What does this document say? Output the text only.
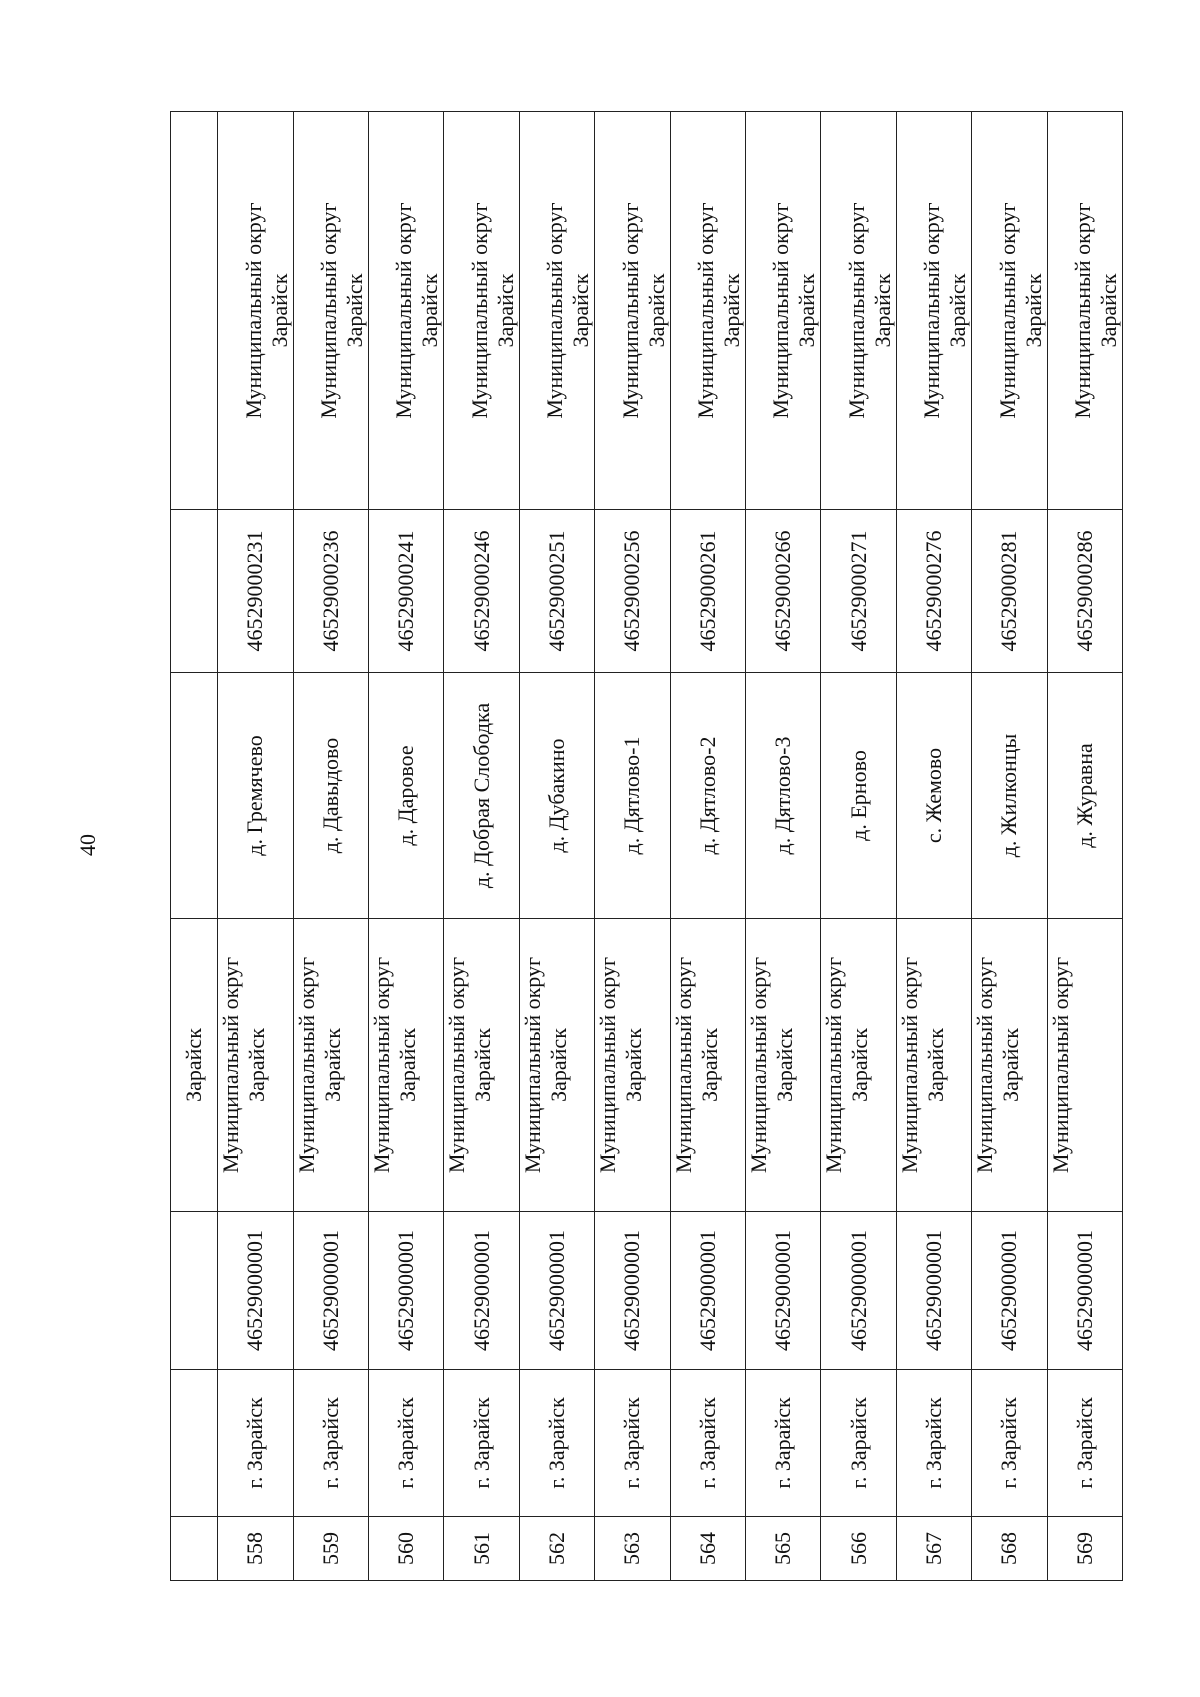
40
			Зарайск			
558	г. Зарайск	46529000001	Муниципальный округ Зарайск	д. Гремячево	46529000231	Муниципальный округ Зарайск

559	г. Зарайск	46529000001	Муниципальный округ Зарайск	д. Давыдово	46529000236	Муниципальный округ Зарайск

560	г. Зарайск	46529000001	Муниципальный округ Зарайск	д. Даровое	46529000241	Муниципальный округ Зарайск

561	г. Зарайск	46529000001	Муниципальный округ Зарайск	д. Добрая Слободка	46529000246	Муниципальный округ Зарайск

562	г. Зарайск	46529000001	Муниципальный округ Зарайск	д. Дубакино	46529000251	Муниципальный округ Зарайск

563	г. Зарайск	46529000001	Муниципальный округ Зарайск	д. Дятлово-1	46529000256	Муниципальный округ Зарайск

564	г. Зарайск	46529000001	Муниципальный округ Зарайск	д. Дятлово-2	46529000261	Муниципальный округ Зарайск

565	г. Зарайск	46529000001	Муниципальный округ Зарайск	д. Дятлово-3	46529000266	Муниципальный округ Зарайск

566	г. Зарайск	46529000001	Муниципальный округ Зарайск	д. Ерново	46529000271	Муниципальный округ Зарайск

567	г. Зарайск	46529000001	Муниципальный округ Зарайск	с. Жемово	46529000276	Муниципальный округ Зарайск

568	г. Зарайск	46529000001	Муниципальный округ Зарайск	д. Жилконцы	46529000281	Муниципальный округ Зарайск

569	г. Зарайск	46529000001	Муниципальный округ	д. Журавна	46529000286	Муниципальный округ Зарайск
